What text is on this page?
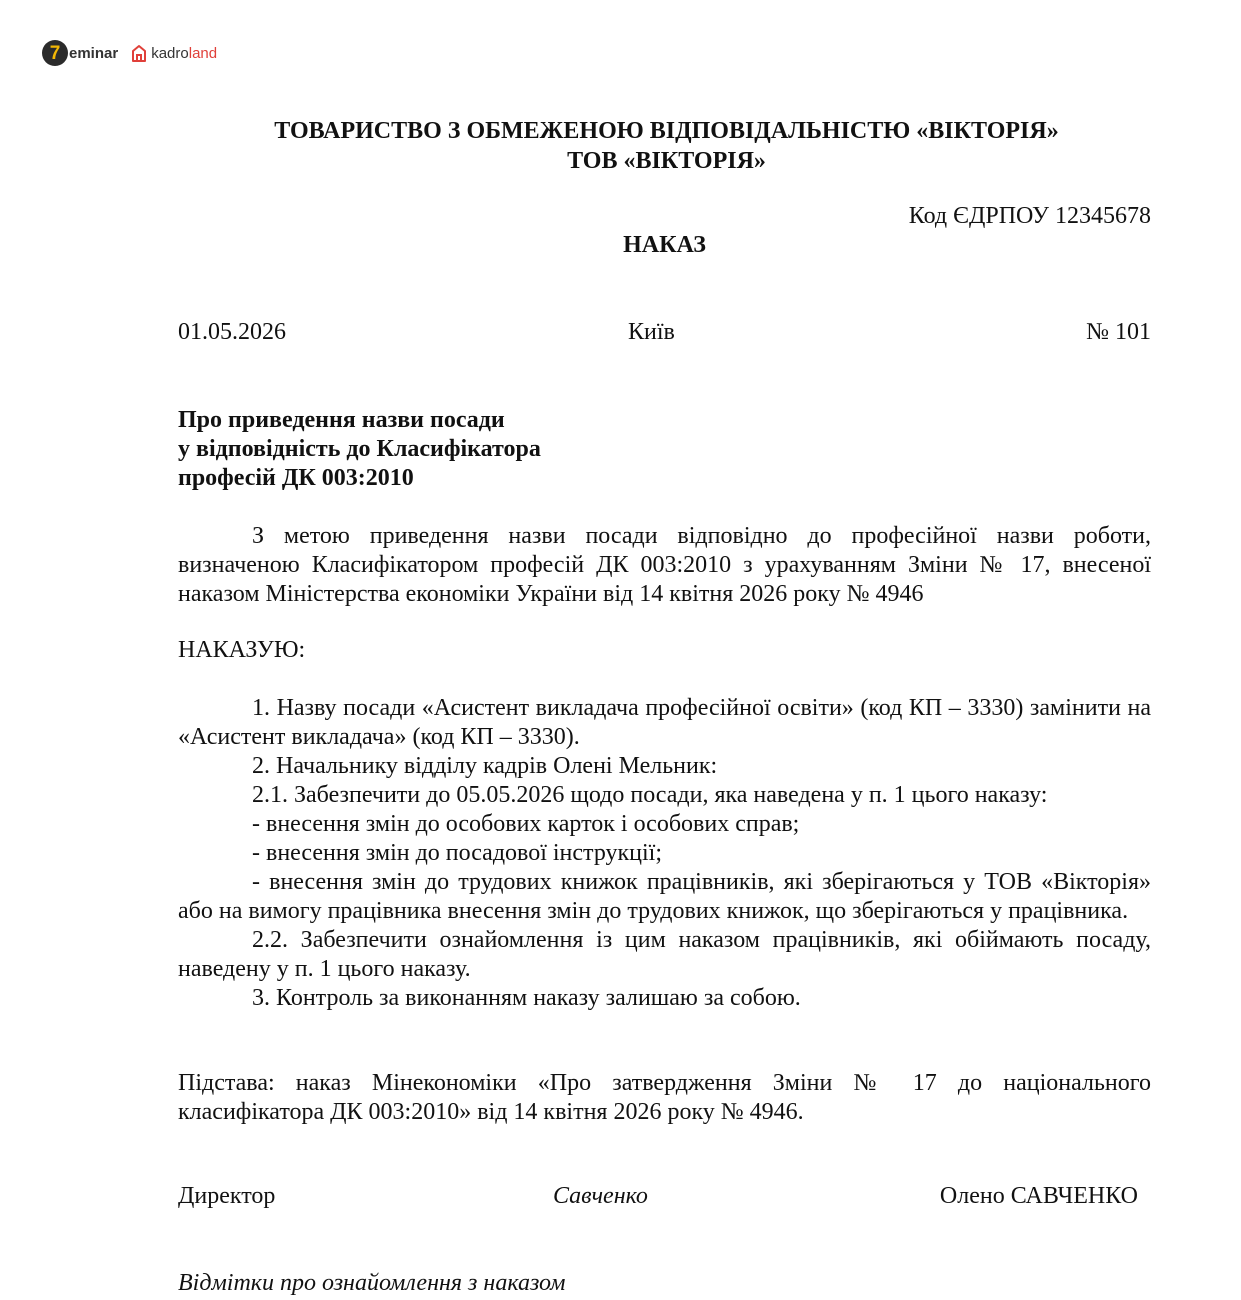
7 eminar kadroland
ТОВАРИСТВО З ОБМЕЖЕНОЮ ВІДПОВІДАЛЬНІСТЮ «ВІКТОРІЯ»
ТОВ «ВІКТОРІЯ»
Код ЄДРПОУ 12345678
НАКАЗ
01.05.2026	Київ	№ 101
Про приведення назви посади
у відповідність до Класифікатора
професій ДК 003:2010

З метою приведення назви посади відповідно до професійної назви роботи, визначеною Класифікатором професій ДК 003:2010 з урахуванням Зміни № 17, внесеної наказом Міністерства економіки України від 14 квітня 2026 року № 4946

НАКАЗУЮ:

1. Назву посади «Асистент викладача професійної освіти» (код КП – 3330) замінити на «Асистент викладача» (код КП – 3330).

2. Начальнику відділу кадрів Олені Мельник:

2.1. Забезпечити до 05.05.2026 щодо посади, яка наведена у п. 1 цього наказу:

- внесення змін до особових карток і особових справ;

- внесення змін до посадової інструкції;

- внесення змін до трудових книжок працівників, які зберігаються у ТОВ «Вікторія» або на вимогу працівника внесення змін до трудових книжок, що зберігаються у працівника.

2.2. Забезпечити ознайомлення із цим наказом працівників, які обіймають посаду, наведену у п. 1 цього наказу.

3. Контроль за виконанням наказу залишаю за собою.

Підстава: наказ Мінекономіки «Про затвердження Зміни № 17 до національного класифікатора ДК 003:2010» від 14 квітня 2026 року № 4946.

Директор	Савченко	Олено САВЧЕНКО
Відмітки про ознайомлення з наказом
